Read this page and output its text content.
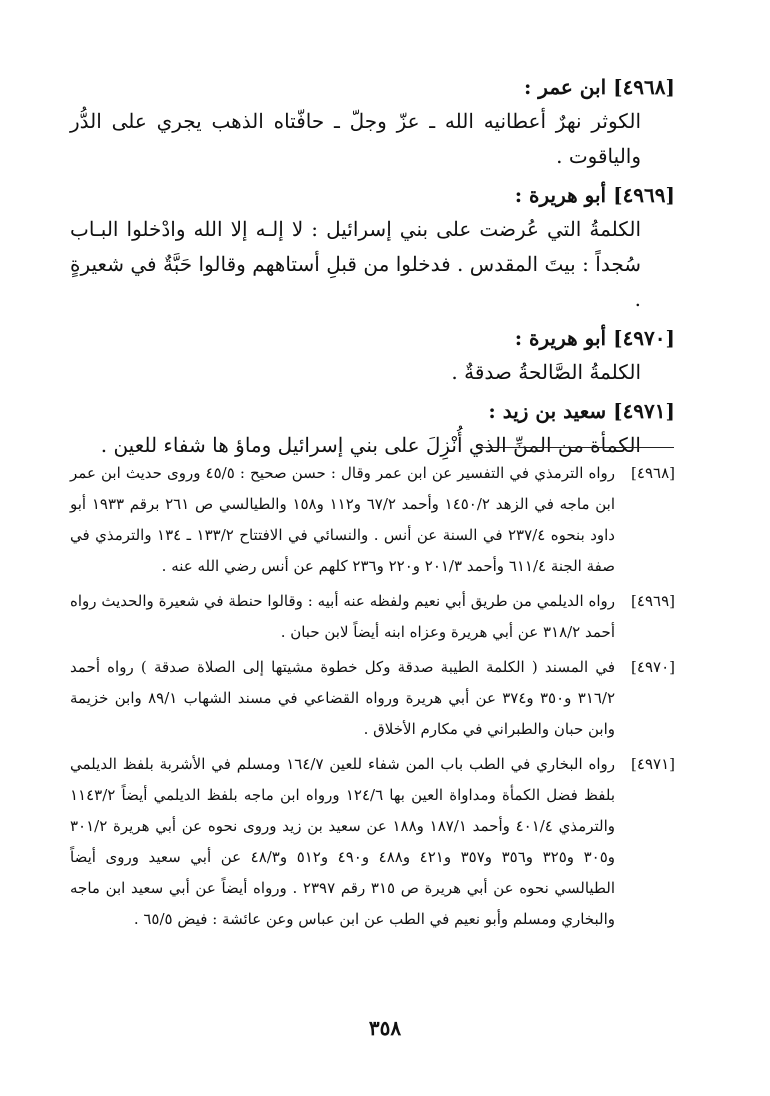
[٤٩٦٨] ابن عمر :
الكوثر نهرٌ أعطانيه الله ـ عزّ وجلّ ـ حافّتاه الذهب يجري على الدُّر والياقوت .
[٤٩٦٩] أبو هريرة :
الكلمةُ التي عُرضت على بني إسرائيل : لا إلـه إلا الله وادْخلوا البـاب سُجداً : بيتَ المقدس . فدخلوا من قبلِ أستاههم وقالوا حَبَّةٌ في شعيرةٍ .
[٤٩٧٠] أبو هريرة :
الكلمةُ الصَّالحةُ صدقةٌ .
[٤٩٧١] سعيد بن زيد :
الكمأة من المنِّ الذي أُنْزِلَ على بني إسرائيل وماؤ ها شفاء للعين .
[٤٩٦٨]
رواه الترمذي في التفسير عن ابن عمر وقال : حسن صحيح : ٤٥/٥ وروى حديث ابن عمر ابن ماجه في الزهد ١٤٥٠/٢ وأحمد ٦٧/٢ و١١٢ و١٥٨ والطيالسي ص ٢٦١ برقم ١٩٣٣ أبو داود بنحوه ٢٣٧/٤ في السنة عن أنس . والنسائي في الافتتاح ١٣٣/٢ ـ ١٣٤ والترمذي في صفة الجنة ٦١١/٤ وأحمد ٢٠١/٣ و٢٢٠ و٢٣٦ كلهم عن أنس رضي الله عنه .
[٤٩٦٩]
رواه الديلمي من طريق أبي نعيم ولفظه عنه أبيه : وقالوا حنطة في شعيرة والحديث رواه أحمد ٣١٨/٢ عن أبي هريرة وعزاه ابنه أيضاً لابن حبان .
[٤٩٧٠]
في المسند ( الكلمة الطيبة صدقة وكل خطوة مشيتها إلى الصلاة صدقة ) رواه أحمد ٣١٦/٢ و٣٥٠ و٣٧٤ عن أبي هريرة ورواه القضاعي في مسند الشهاب ٨٩/١ وابن خزيمة وابن حبان والطبراني في مكارم الأخلاق .
[٤٩٧١]
رواه البخاري في الطب باب المن شفاء للعين ١٦٤/٧ ومسلم في الأشربة بلفظ الديلمي بلفظ فضل الكمأة ومداواة العين بها ١٢٤/٦ ورواه ابن ماجه بلفظ الديلمي أيضاً ١١٤٣/٢ والترمذي ٤٠١/٤ وأحمد ١٨٧/١ و١٨٨ عن سعيد بن زيد وروى نحوه عن أبي هريرة ٣٠١/٢ و٣٠٥ و٣٢٥ و٣٥٦ و٣٥٧ و٤٢١ و٤٨٨ و٤٩٠ و٥١٢ و٤٨/٣ عن أبي سعيد وروى أيضاً الطيالسي نحوه عن أبي هريرة ص ٣١٥ رقم ٢٣٩٧ . ورواه أيضاً عن أبي سعيد ابن ماجه والبخاري ومسلم وأبو نعيم في الطب عن ابن عباس وعن عائشة : فيض ٦٥/٥ .
٣٥٨
